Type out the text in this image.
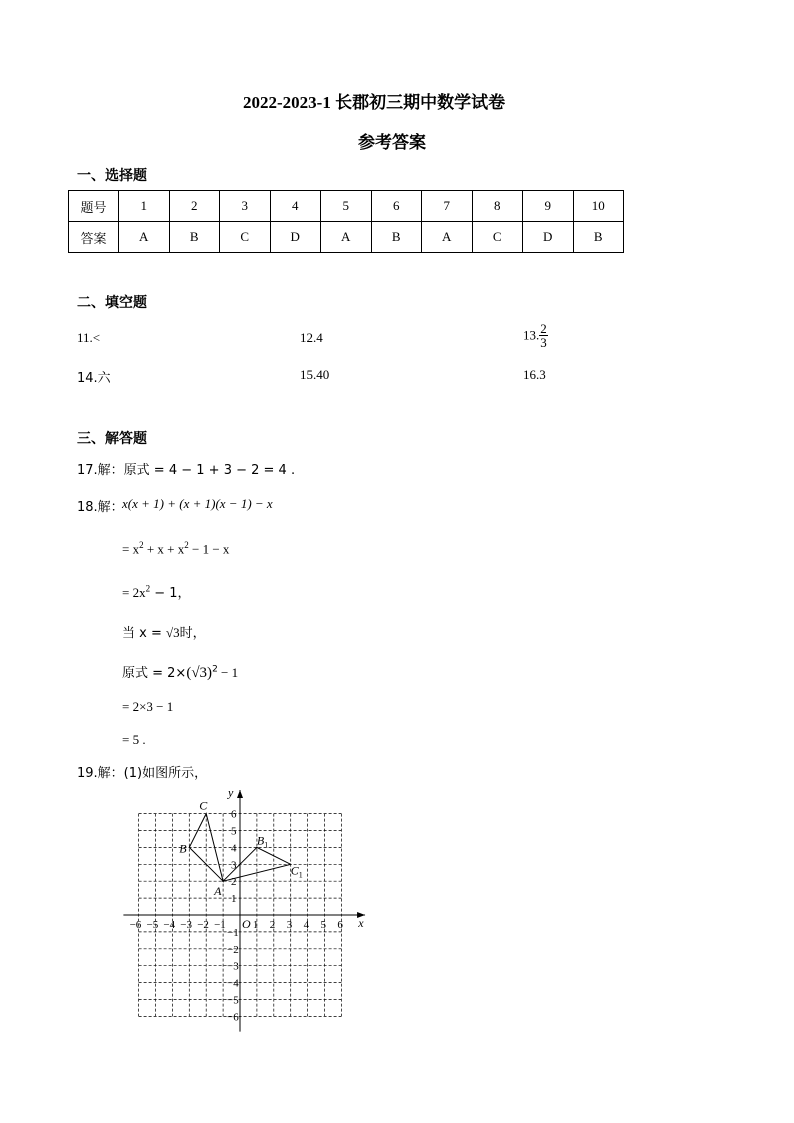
2022-2023-1 长郡初三期中数学试卷
参考答案
一、选择题
题号	1	2	3	4	5	6	7	8	9	10
答案	A	B	C	D	A	B	A	C	D	B
二、填空题
11.<	12.4	13. $\frac{2}{3}$
14.六	15.40	16.3
三、解答题
17.解：原式 = 4 − 1 + 3 − 2 = 4 .
18.解：
x(x + 1) + (x + 1)(x − 1) − x
= $x^2 + x + x^2 - 1 - x$
= $2x^2 - 1$，
当 x = √3时，
原式 = $2\times(√3)^2 - 1$
= 2×3 − 1
= 5 .
19.解：(1)如图所示，
x
y
O
−6 −5 −4 −3 −2 −1 1 2 3 4 5 6
6
5
4
3
2
1
−1
−2
−3
−4
−5
−6
A
B
C
$B_1$
$C_1$
